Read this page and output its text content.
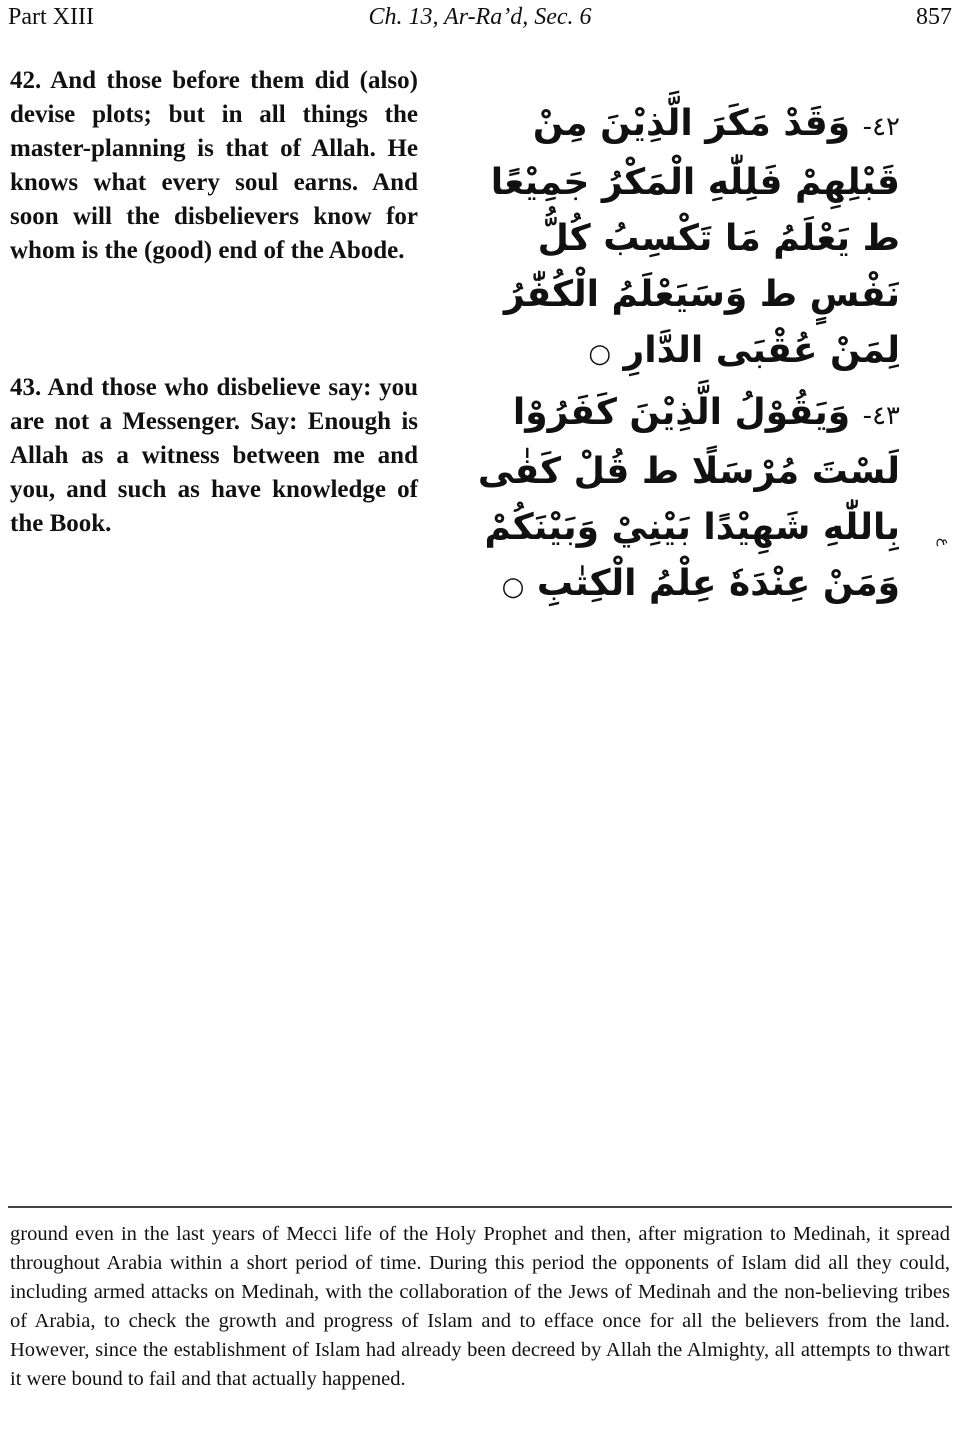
Part XIII	Ch. 13, Ar-Ra’d, Sec. 6	857
42. And those before them did (also) devise plots; but in all things the master-planning is that of Allah. He knows what every soul earns. And soon will the disbelievers know for whom is the (good) end of the Abode.
٤٢- وَقَدْ مَكَرَ الَّذِيْنَ مِنْ قَبْلِهِمْ فَلِلّٰهِ الْمَكْرُ جَمِيْعًا ط يَعْلَمُ مَا تَكْسِبُ كُلُّ نَفْسٍ ط وَسَيَعْلَمُ الْكُفّٰرُ لِمَنْ عُقْبَى الدَّارِ ○
43. And those who disbelieve say: you are not a Messenger. Say: Enough is Allah as a witness between me and you, and such as have knowledge of the Book.
٤٣- وَيَقُوْلُ الَّذِيْنَ كَفَرُوْا لَسْتَ مُرْسَلًا ط قُلْ كَفٰى بِاللّٰهِ شَهِيْدًا بَيْنِيْ وَبَيْنَكُمْ وَمَنْ عِنْدَهٗ عِلْمُ الْكِتٰبِ ○
ع
ground even in the last years of Mecci life of the Holy Prophet and then, after migration to Medinah, it spread throughout Arabia within a short period of time. During this period the opponents of Islam did all they could, including armed attacks on Medinah, with the collaboration of the Jews of Medinah and the non-believing tribes of Arabia, to check the growth and progress of Islam and to efface once for all the believers from the land. However, since the establishment of Islam had already been decreed by Allah the Almighty, all attempts to thwart it were bound to fail and that actually happened.
